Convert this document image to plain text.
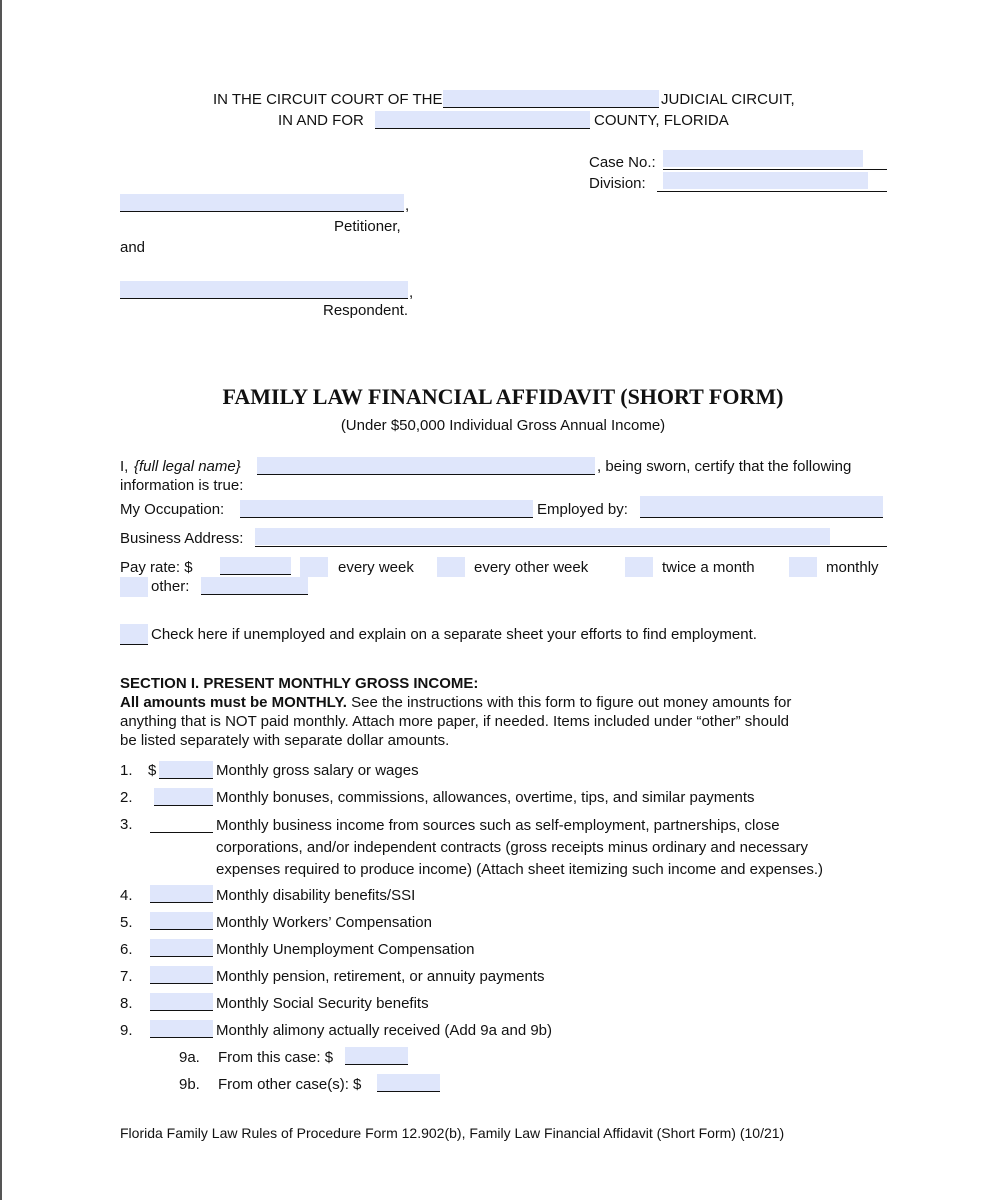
IN THE CIRCUIT COURT OF THE	JUDICIAL CIRCUIT,
IN AND FOR	COUNTY, FLORIDA
Case No.:
Division:
,
Petitioner,
and
,
Respondent.
FAMILY LAW FINANCIAL AFFIDAVIT (SHORT FORM)
(Under $50,000 Individual Gross Annual Income)
I, {full legal name}	, being sworn, certify that the following
information is true:
My Occupation:	Employed by:
Business Address:
Pay rate: $	every week	every other week	twice a month	monthly
other:
Check here if unemployed and explain on a separate sheet your efforts to find employment.
SECTION I. PRESENT MONTHLY GROSS INCOME:
All amounts must be MONTHLY. See the instructions with this form to figure out money amounts for
anything that is NOT paid monthly. Attach more paper, if needed. Items included under “other” should
be listed separately with separate dollar amounts.
1. $	Monthly gross salary or wages
2.	Monthly bonuses, commissions, allowances, overtime, tips, and similar payments
3.	Monthly business income from sources such as self-employment, partnerships, close
corporations, and/or independent contracts (gross receipts minus ordinary and necessary
expenses required to produce income) (Attach sheet itemizing such income and expenses.)
4.	Monthly disability benefits/SSI
5.	Monthly Workers’ Compensation
6.	Monthly Unemployment Compensation
7.	Monthly pension, retirement, or annuity payments
8.	Monthly Social Security benefits
9.	Monthly alimony actually received (Add 9a and 9b)
9a. From this case: $
9b. From other case(s): $
Florida Family Law Rules of Procedure Form 12.902(b), Family Law Financial Affidavit (Short Form) (10/21)
